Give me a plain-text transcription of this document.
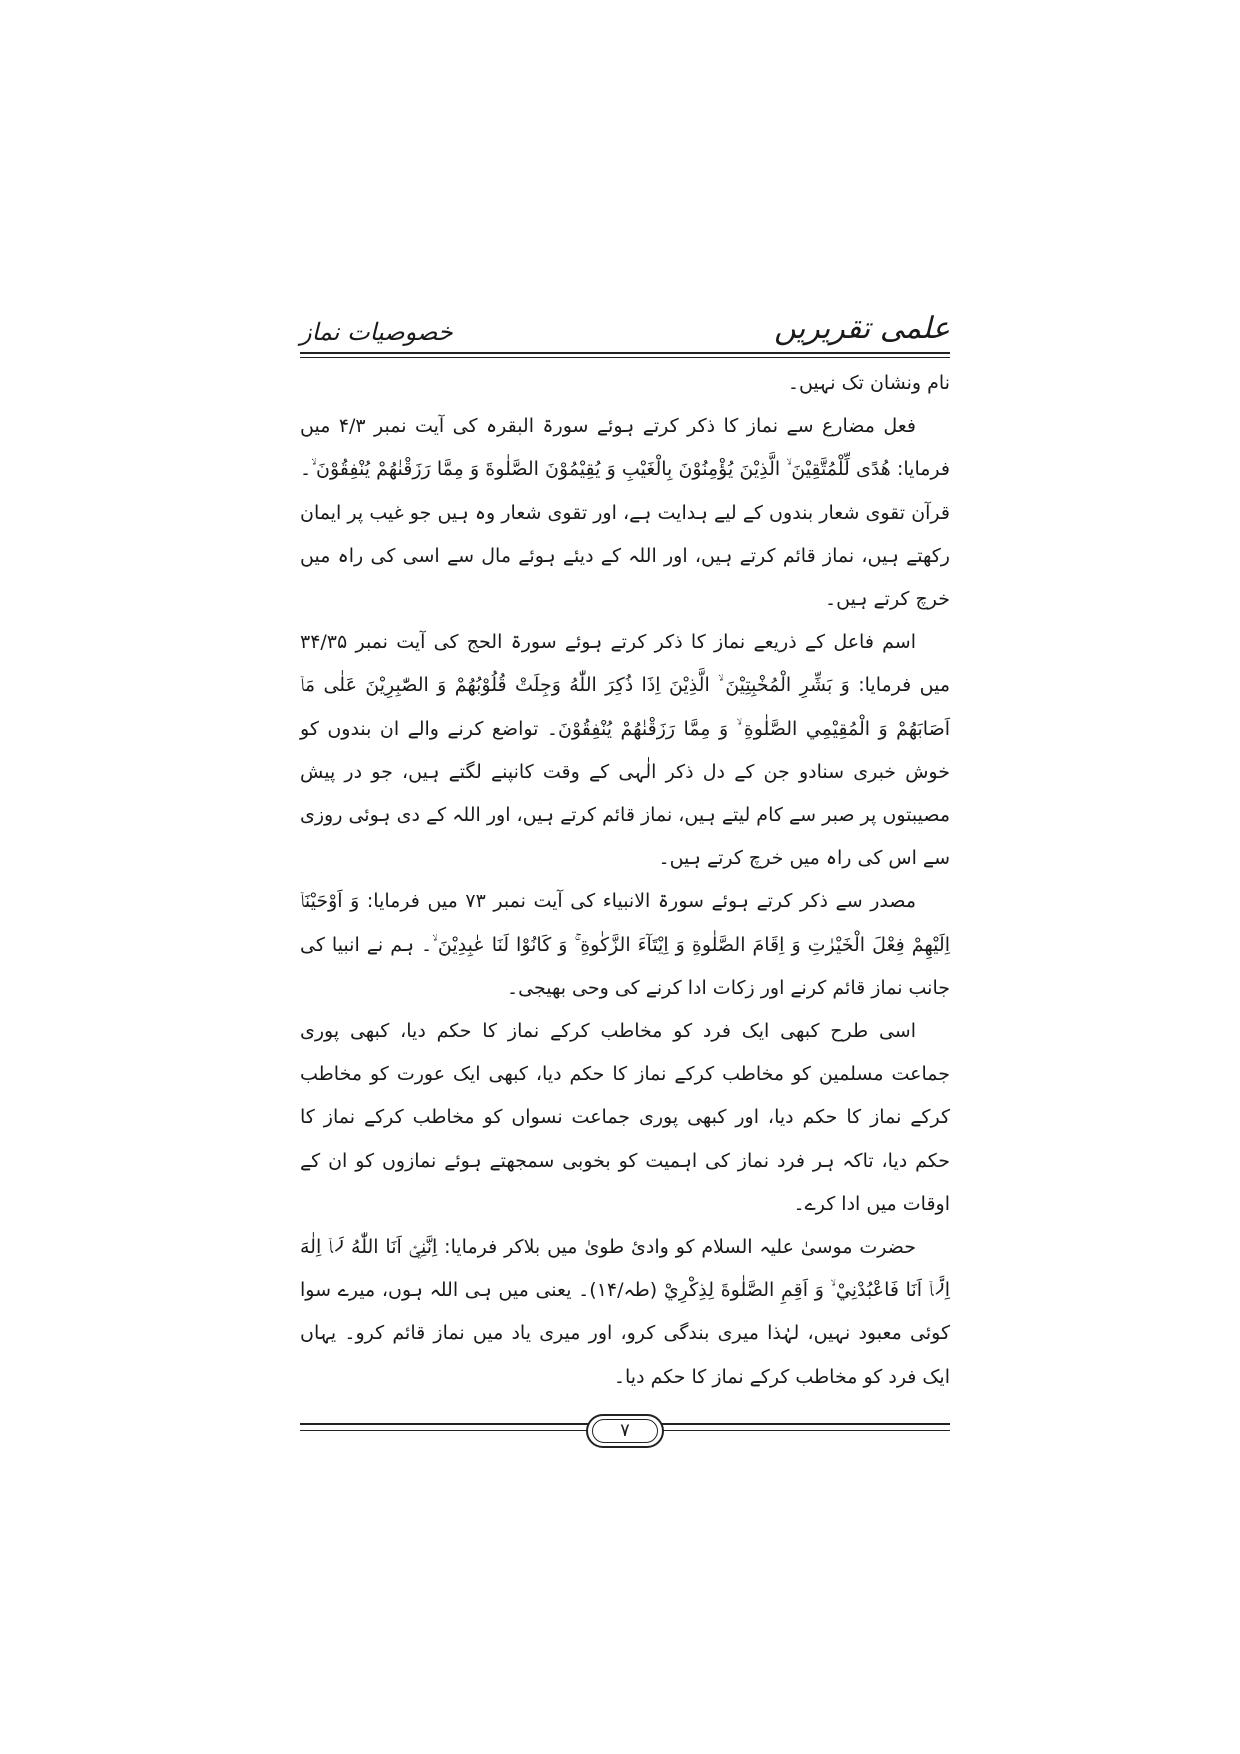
علمی تقریریں
خصوصیات نماز

نام ونشان تک نہیں۔

فعل مضارع سے نماز کا ذکر کرتے ہوئے سورۃ البقرہ کی آیت نمبر ۴/۳ میں فرمایا: هُدًى لِّلْمُتَّقِيْنَ ۙ الَّذِيْنَ يُؤْمِنُوْنَ بِالْغَيْبِ وَ يُقِيْمُوْنَ الصَّلٰوةَ وَ مِمَّا رَزَقْنٰهُمْ يُنْفِقُوْنَ ۙ۔ قرآن تقوی شعار بندوں کے لیے ہدایت ہے، اور تقوی شعار وہ ہیں جو غیب پر ایمان رکھتے ہیں، نماز قائم کرتے ہیں، اور اللہ کے دیئے ہوئے مال سے اسی کی راہ میں خرچ کرتے ہیں۔

اسم فاعل کے ذریعے نماز کا ذکر کرتے ہوئے سورۃ الحج کی آیت نمبر ۳۴/۳۵ میں فرمایا: وَ بَشِّرِ الْمُخْبِتِيْنَ ۙ الَّذِيْنَ اِذَا ذُكِرَ اللّٰهُ وَجِلَتْ قُلُوْبُهُمْ وَ الصّٰبِرِيْنَ عَلٰى مَاۤ اَصَابَهُمْ وَ الْمُقِيْمِي الصَّلٰوةِ ۙ وَ مِمَّا رَزَقْنٰهُمْ يُنْفِقُوْنَ۔ تواضع کرنے والے ان بندوں کو خوش خبری سنادو جن کے دل ذکر الٰہی کے وقت کانپنے لگتے ہیں، جو در پیش مصیبتوں پر صبر سے کام لیتے ہیں، نماز قائم کرتے ہیں، اور اللہ کے دی ہوئی روزی سے اس کی راہ میں خرچ کرتے ہیں۔

مصدر سے ذکر کرتے ہوئے سورۃ الانبیاء کی آیت نمبر ۷۳ میں فرمایا: وَ اَوْحَيْنَاۤ اِلَيْهِمْ فِعْلَ الْخَيْرٰتِ وَ اِقَامَ الصَّلٰوةِ وَ اِيْتَآءَ الزَّكٰوةِ ۚ وَ كَانُوْا لَنَا عٰبِدِيْنَ ۙ۔ ہم نے انبیا کی جانب نماز قائم کرنے اور زکات ادا کرنے کی وحی بھیجی۔

اسی طرح کبھی ایک فرد کو مخاطب کرکے نماز کا حکم دیا، کبھی پوری جماعت مسلمین کو مخاطب کرکے نماز کا حکم دیا، کبھی ایک عورت کو مخاطب کرکے نماز کا حکم دیا، اور کبھی پوری جماعت نسواں کو مخاطب کرکے نماز کا حکم دیا، تاکہ ہر فرد نماز کی اہمیت کو بخوبی سمجھتے ہوئے نمازوں کو ان کے اوقات میں ادا کرے۔

حضرت موسیٰ علیہ السلام کو وادیٔ طویٰ میں بلاکر فرمایا: اِنَّنِيْۤ اَنَا اللّٰهُ لَاۤ اِلٰهَ اِلَّاۤ اَنَا فَاعْبُدْنِيْ ۙ وَ اَقِمِ الصَّلٰوةَ لِذِكْرِيْ (طہ/۱۴)۔ یعنی میں ہی اللہ ہوں، میرے سوا کوئی معبود نہیں، لہٰذا میری بندگی کرو، اور میری یاد میں نماز قائم کرو۔ یہاں ایک فرد کو مخاطب کرکے نماز کا حکم دیا۔

۷
